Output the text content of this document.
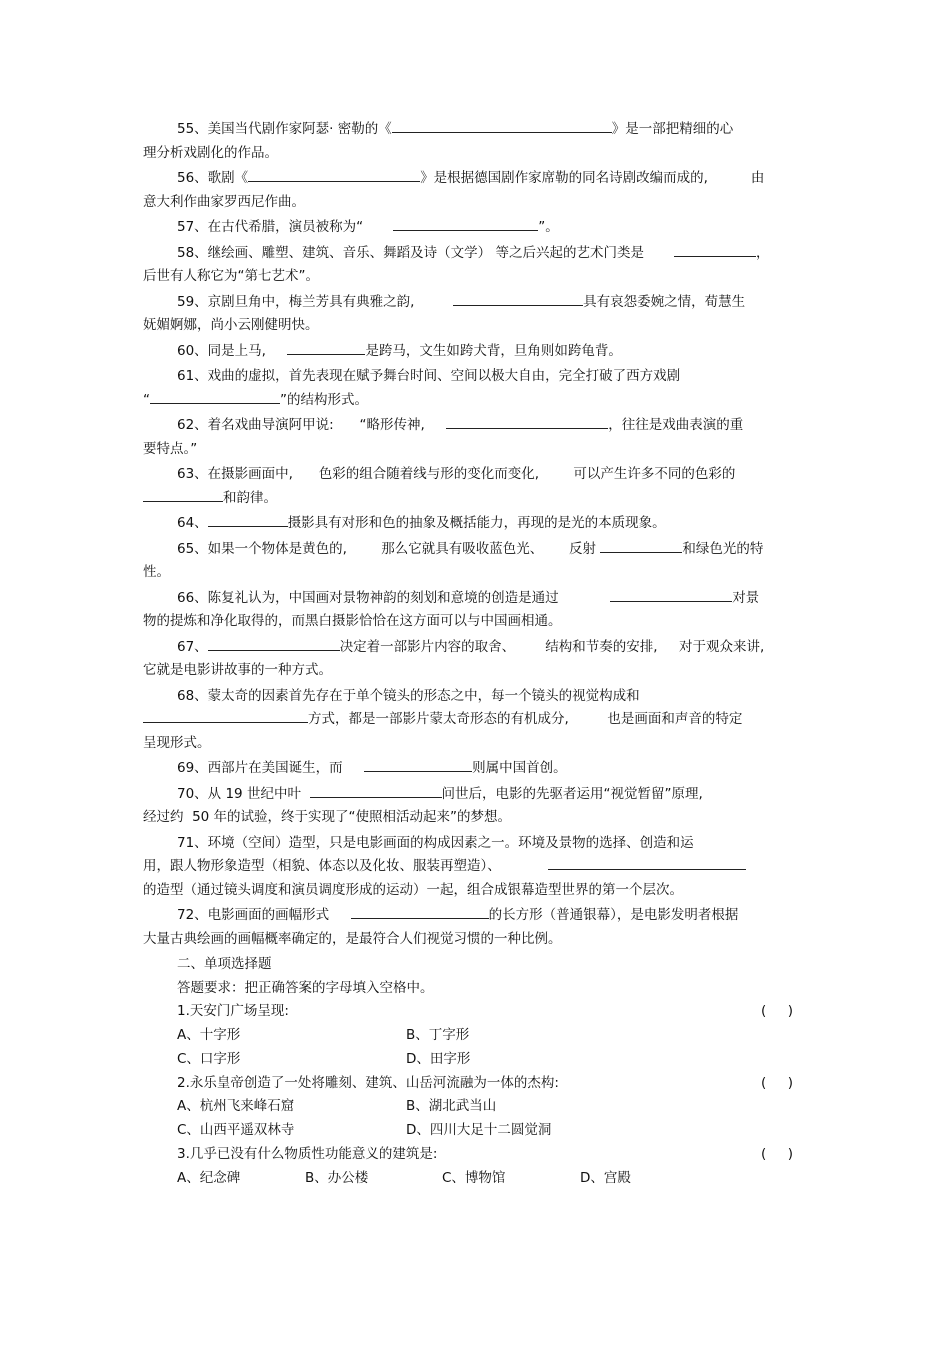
55、美国当代剧作家阿瑟· 密勒的《	》是一部把精细的心

理分析戏剧化的作品。

56、歌剧《	》是根据德国剧作家席勒的同名诗剧改编而成的,          由

意大利作曲家罗西尼作曲。

57、在古代希腊，演员被称为“	”。

58、继绘画、雕塑、建筑、音乐、舞蹈及诗（文学） 等之后兴起的艺术门类是	，

后世有人称它为“第七艺术”。

59、京剧旦角中，梅兰芳具有典雅之韵,	具有哀怨委婉之情，荀慧生

妩媚婀娜，尚小云刚健明快。

60、同是上马,	是跨马，文生如跨犬背，旦角则如跨龟背。

61、戏曲的虚拟，首先表现在赋予舞台时间、空间以极大自由，完全打破了西方戏剧

“	”的结构形式。

62、着名戏曲导演阿甲说:      “略形传神,	，往往是戏曲表演的重

要特点。”

63、在摄影画面中,      色彩的组合随着线与形的变化而变化,        可以产生许多不同的色彩的

和韵律。

64、	摄影具有对形和色的抽象及概括能力，再现的是光的本质现象。

65、如果一个物体是黄色的,        那么它就具有吸收蓝色光、      反射	和绿色光的特

性。

66、陈复礼认为，中国画对景物神韵的刻划和意境的创造是通过	对景

物的提炼和净化取得的，而黑白摄影恰恰在这方面可以与中国画相通。

67、	决定着一部影片内容的取舍、       结构和节奏的安排,     对于观众来讲,

它就是电影讲故事的一种方式。

68、蒙太奇的因素首先存在于单个镜头的形态之中，每一个镜头的视觉构成和

方式，都是一部影片蒙太奇形态的有机成分,         也是画面和声音的特定

呈现形式。

69、西部片在美国诞生，而	则属中国首创。

70、从 19 世纪中叶	问世后，电影的先驱者运用“视觉暂留”原理,

经过约  50 年的试验，终于实现了“使照相活动起来”的梦想。

71、环境（空间）造型，只是电影画面的构成因素之一。环境及景物的选择、创造和运

用，跟人物形象造型（相貌、体态以及化妆、服装再塑造）、

的造型（通过镜头调度和演员调度形成的运动）一起，组合成银幕造型世界的第一个层次。

72、电影画面的画幅形式	的长方形（普通银幕），是电影发明者根据

大量古典绘画的画幅概率确定的，是最符合人们视觉习惯的一种比例。

二、单项选择题

答题要求：把正确答案的字母填入空格中。

1.天安门广场呈现:	(     )

A、十字形	B、丁字形
C、口字形	D、田字形

2.永乐皇帝创造了一处将雕刻、建筑、山岳河流融为一体的杰构:	(     )

A、杭州飞来峰石窟	B、湖北武当山
C、山西平遥双林寺	D、四川大足十二圆觉洞

3.几乎已没有什么物质性功能意义的建筑是:	(     )

A、纪念碑	B、办公楼	C、博物馆	D、宫殿
